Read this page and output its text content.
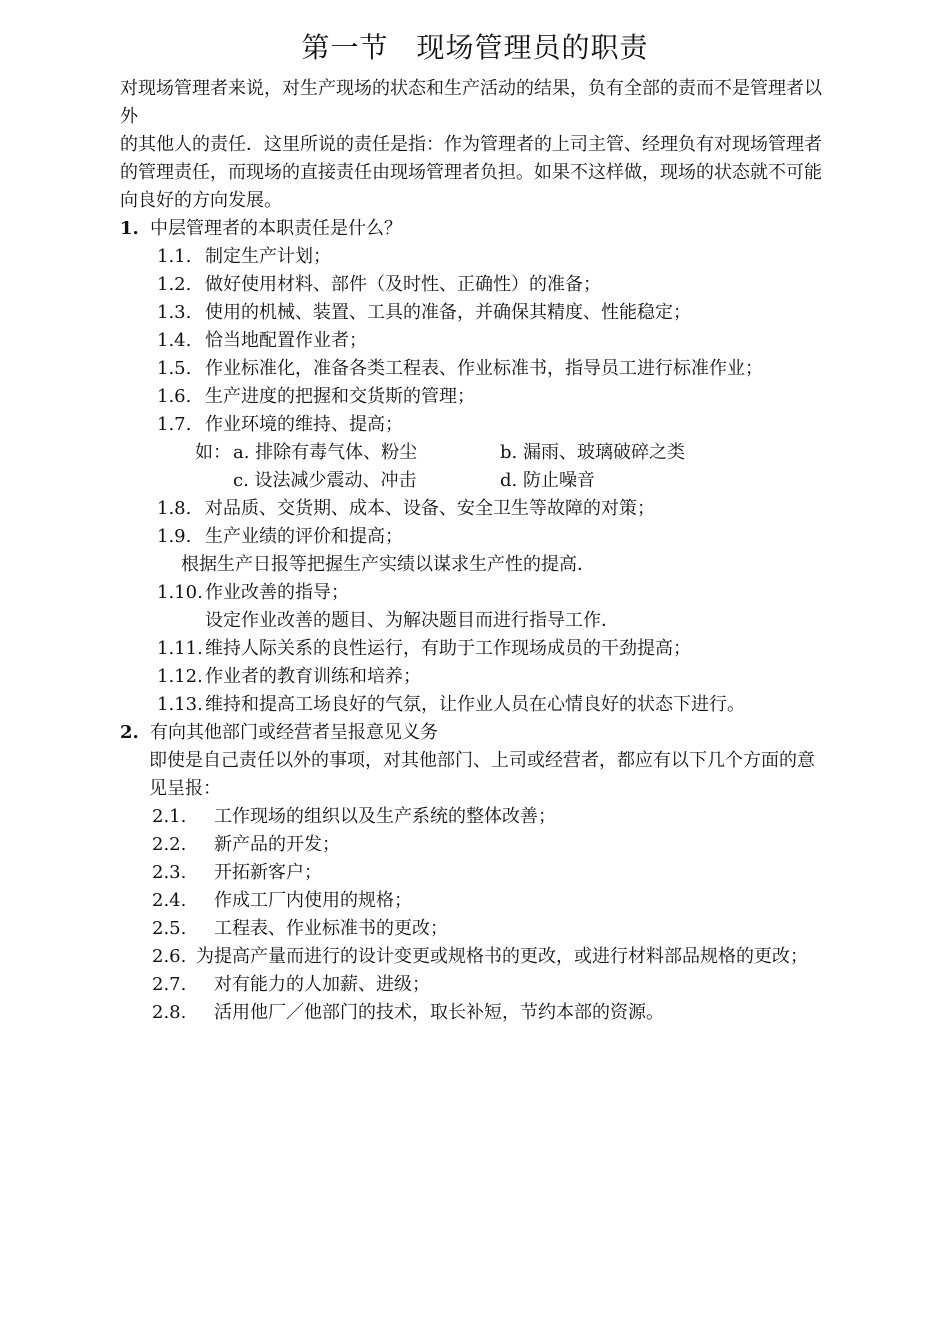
第一节 现场管理员的职责
对现场管理者来说，对生产现场的状态和生产活动的结果，负有全部的责而不是管理者以
外
的其他人的责任．这里所说的责任是指：作为管理者的上司主管、经理负有对现场管理者
的管理责任，而现场的直接责任由现场管理者负担。如果不这样做，现场的状态就不可能
向良好的方向发展。
1. 中层管理者的本职责任是什么？
1.1. 制定生产计划；
1.2. 做好使用材料、部件（及时性、正确性）的准备；
1.3. 使用的机械、装置、工具的准备，并确保其精度、性能稳定；
1.4. 恰当地配置作业者；
1.5. 作业标准化，准备各类工程表、作业标准书，指导员工进行标准作业；
1.6. 生产进度的把握和交货斯的管理；
1.7. 作业环境的维持、提高；
如： a. 排除有毒气体、粉尘	b. 漏雨、玻璃破碎之类
c. 设法减少震动、冲击	d. 防止噪音
1.8. 对品质、交货期、成本、设备、安全卫生等故障的对策；
1.9. 生产业绩的评价和提高；
根据生产日报等把握生产实绩以谋求生产性的提高．
1.10. 作业改善的指导；
设定作业改善的题目、为解决题目而进行指导工作．
1.11. 维持人际关系的良性运行，有助于工作现场成员的干劲提高；
1.12. 作业者的教育训练和培养；
1.13. 维持和提高工场良好的气氛，让作业人员在心情良好的状态下进行。
2. 有向其他部门或经营者呈报意见义务
即使是自己责任以外的事项，对其他部门、上司或经营者，都应有以下几个方面的意
见呈报：
2.1. 工作现场的组织以及生产系统的整体改善；
2.2. 新产品的开发；
2.3. 开拓新客户；
2.4. 作成工厂内使用的规格；
2.5. 工程表、作业标准书的更改；
2.6. 为提高产量而进行的设计变更或规格书的更改，或进行材料部品规格的更改；
2.7. 对有能力的人加薪、进级；
2.8. 活用他厂／他部门的技术，取长补短，节约本部的资源。
